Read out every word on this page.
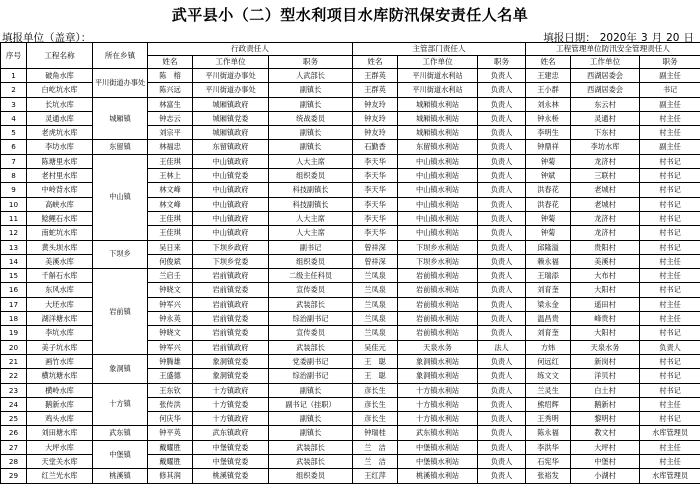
武平县小（二）型水利项目水库防汛保安责任人名单
填报单位（盖章）：	填报日期： 2020年 3 月 20 日
序号	工程名称	所在乡镇	行政责任人			主管部门责任人			工程管理单位防汛安全管理责任人		
			姓名	工作单位	职务	姓名	工作单位	职务	姓名	工作单位	职务
1	破角水库	平川街道办事处	陈　榕	平川街道办事处	人武部长	王群英	平川街道水利站	负责人	王建忠	西湖居委会	副主任
2	白屹坑水库		陈兴远	平川街道办事处	副镇长	王群英	平川街道水利站	负责人	王小群	西湖居委会	书记
3	长坑水库	城厢镇	林富生	城厢镇政府	副镇长	钟友玲	城厢镇水利站	负责人	刘永林	东云村	副主任
4	灵通水库		钟志云	城厢镇党委	统战委员	钟友玲	城厢镇水利站	负责人	钟永桥	灵通村	村主任
5	老虎坑水库		刘宗平	城厢镇政府	副镇长	钟友玲	城厢镇水利站	负责人	李明生	下东村	村主任
6	李坊水库	东留镇	林福忠	东留镇政府	副镇长	石勤香	东留镇水利站	负责人	钟鼎祥	李坊水库	副主任
7	陈塘里水库	中山镇	王佳琪	中山镇政府	人大主席	李天华	中山镇水利站	负责人	钟菊	龙济村	村书记
8	老村里水库		王林上	中山镇党委	组织委员	李天华	中山镇水利站	负责人	钟斌	三联村	村书记
9	中岭背水库		林文峰	中山镇政府	科技副镇长	李天华	中山镇水利站	负责人	洪春花	老城村	村书记
10	高峡水库		林文峰	中山镇政府	科技副镇长	李天华	中山镇水利站	负责人	洪春花	老城村	村书记
11	鲶鲤石水库		王佳琪	中山镇政府	人大主席	李天华	中山镇水利站	负责人	钟菊	龙济村	村书记
12	南蛇坑水库		王佳琪	中山镇政府	人大主席	李天华	中山镇水利站	负责人	钟菊	龙济村	村书记
13	黄头坝水库	下坝乡	吴日来	下坝乡政府	副书记	曾祥深	下坝乡水利站	负责人	邱隆溢	贵阳村	村书记
14	美溪水库		何俊斌	下坝乡党委	组织委员	曾祥深	下坝乡水利站	负责人	赖永福	美溪村	村主任
15	千斛石水库	岩前镇	兰启壬	岩前镇政府	二级主任科员	兰凤泉	岩前镇水利站	负责人	王瑞添	大布村	村主任
16	东风水库		钟晓文	岩前镇党委	宣传委员	兰凤泉	岩前镇水利站	负责人	刘育奎	大阳村	村书记
17	大坯水库		钟军兴	岩前镇政府	武装部长	兰凤泉	岩前镇水利站	负责人	梁永金	遥田村	村主任
18	湖洋塘水库		钟永英	岩前镇党委	综治副书记	兰凤泉	岩前镇水利站	负责人	温昌贵	峰贵村	村主任
19	李坑水库		钟晓文	岩前镇党委	宣传委员	兰凤泉	岩前镇水利站	负责人	刘育奎	大阳村	村书记
20	美子坑水库		钟军兴	岩前镇政府	武装部长	吴佳元	天泉水务	法人	方炜	天泉水务	负责人
21	画竹水库	象洞镇	钟腾雄	象洞镇党委	党委副书记	王　聪	象洞镇水利站	负责人	何远红	新岗村	村书记
22	横坑塘水库		王盛德	象洞镇党委	综治副书记	王　聪	象洞镇水利站	负责人	练文文	洋贝村	村书记
23	横岭水库	十方镇	王东钦	十方镇政府	副镇长	彦长生	十方镇水利站	负责人	兰灵生	白土村	村书记
24	鹅新水库		张传洪	十方镇党委	副书记（挂职）	彦长生	十方镇水利站	负责人	熊绍辉	鹅新村	村主任
25	鸡头水库		何庆华	十方镇政府	副镇长	彦长生	十方镇水利站	负责人	王秀明	黎明村	村书记
26	刘田塘水库	武东镇	钟平英	武东镇政府	副镇长	钟瑞桂	武东镇水利站	负责人	陈永福	教文村	水库管理员
27	大坪水库	中堡镇	戴耀胜	中堡镇党委	武装部长	兰　洁	中堡镇水利站	负责人	李洪华	大坪村	村主任
28	天堂关水库		戴耀胜	中堡镇党委	武装部长	兰　洁	中堡镇水利站	负责人	石宪华	中堡村	村主任
29	红兰光水库	桃溪镇	修其润	桃溪镇党委	组织委员	王红萍	桃溪镇水利站	负责人	张裕发	小湖村	水库管理员
